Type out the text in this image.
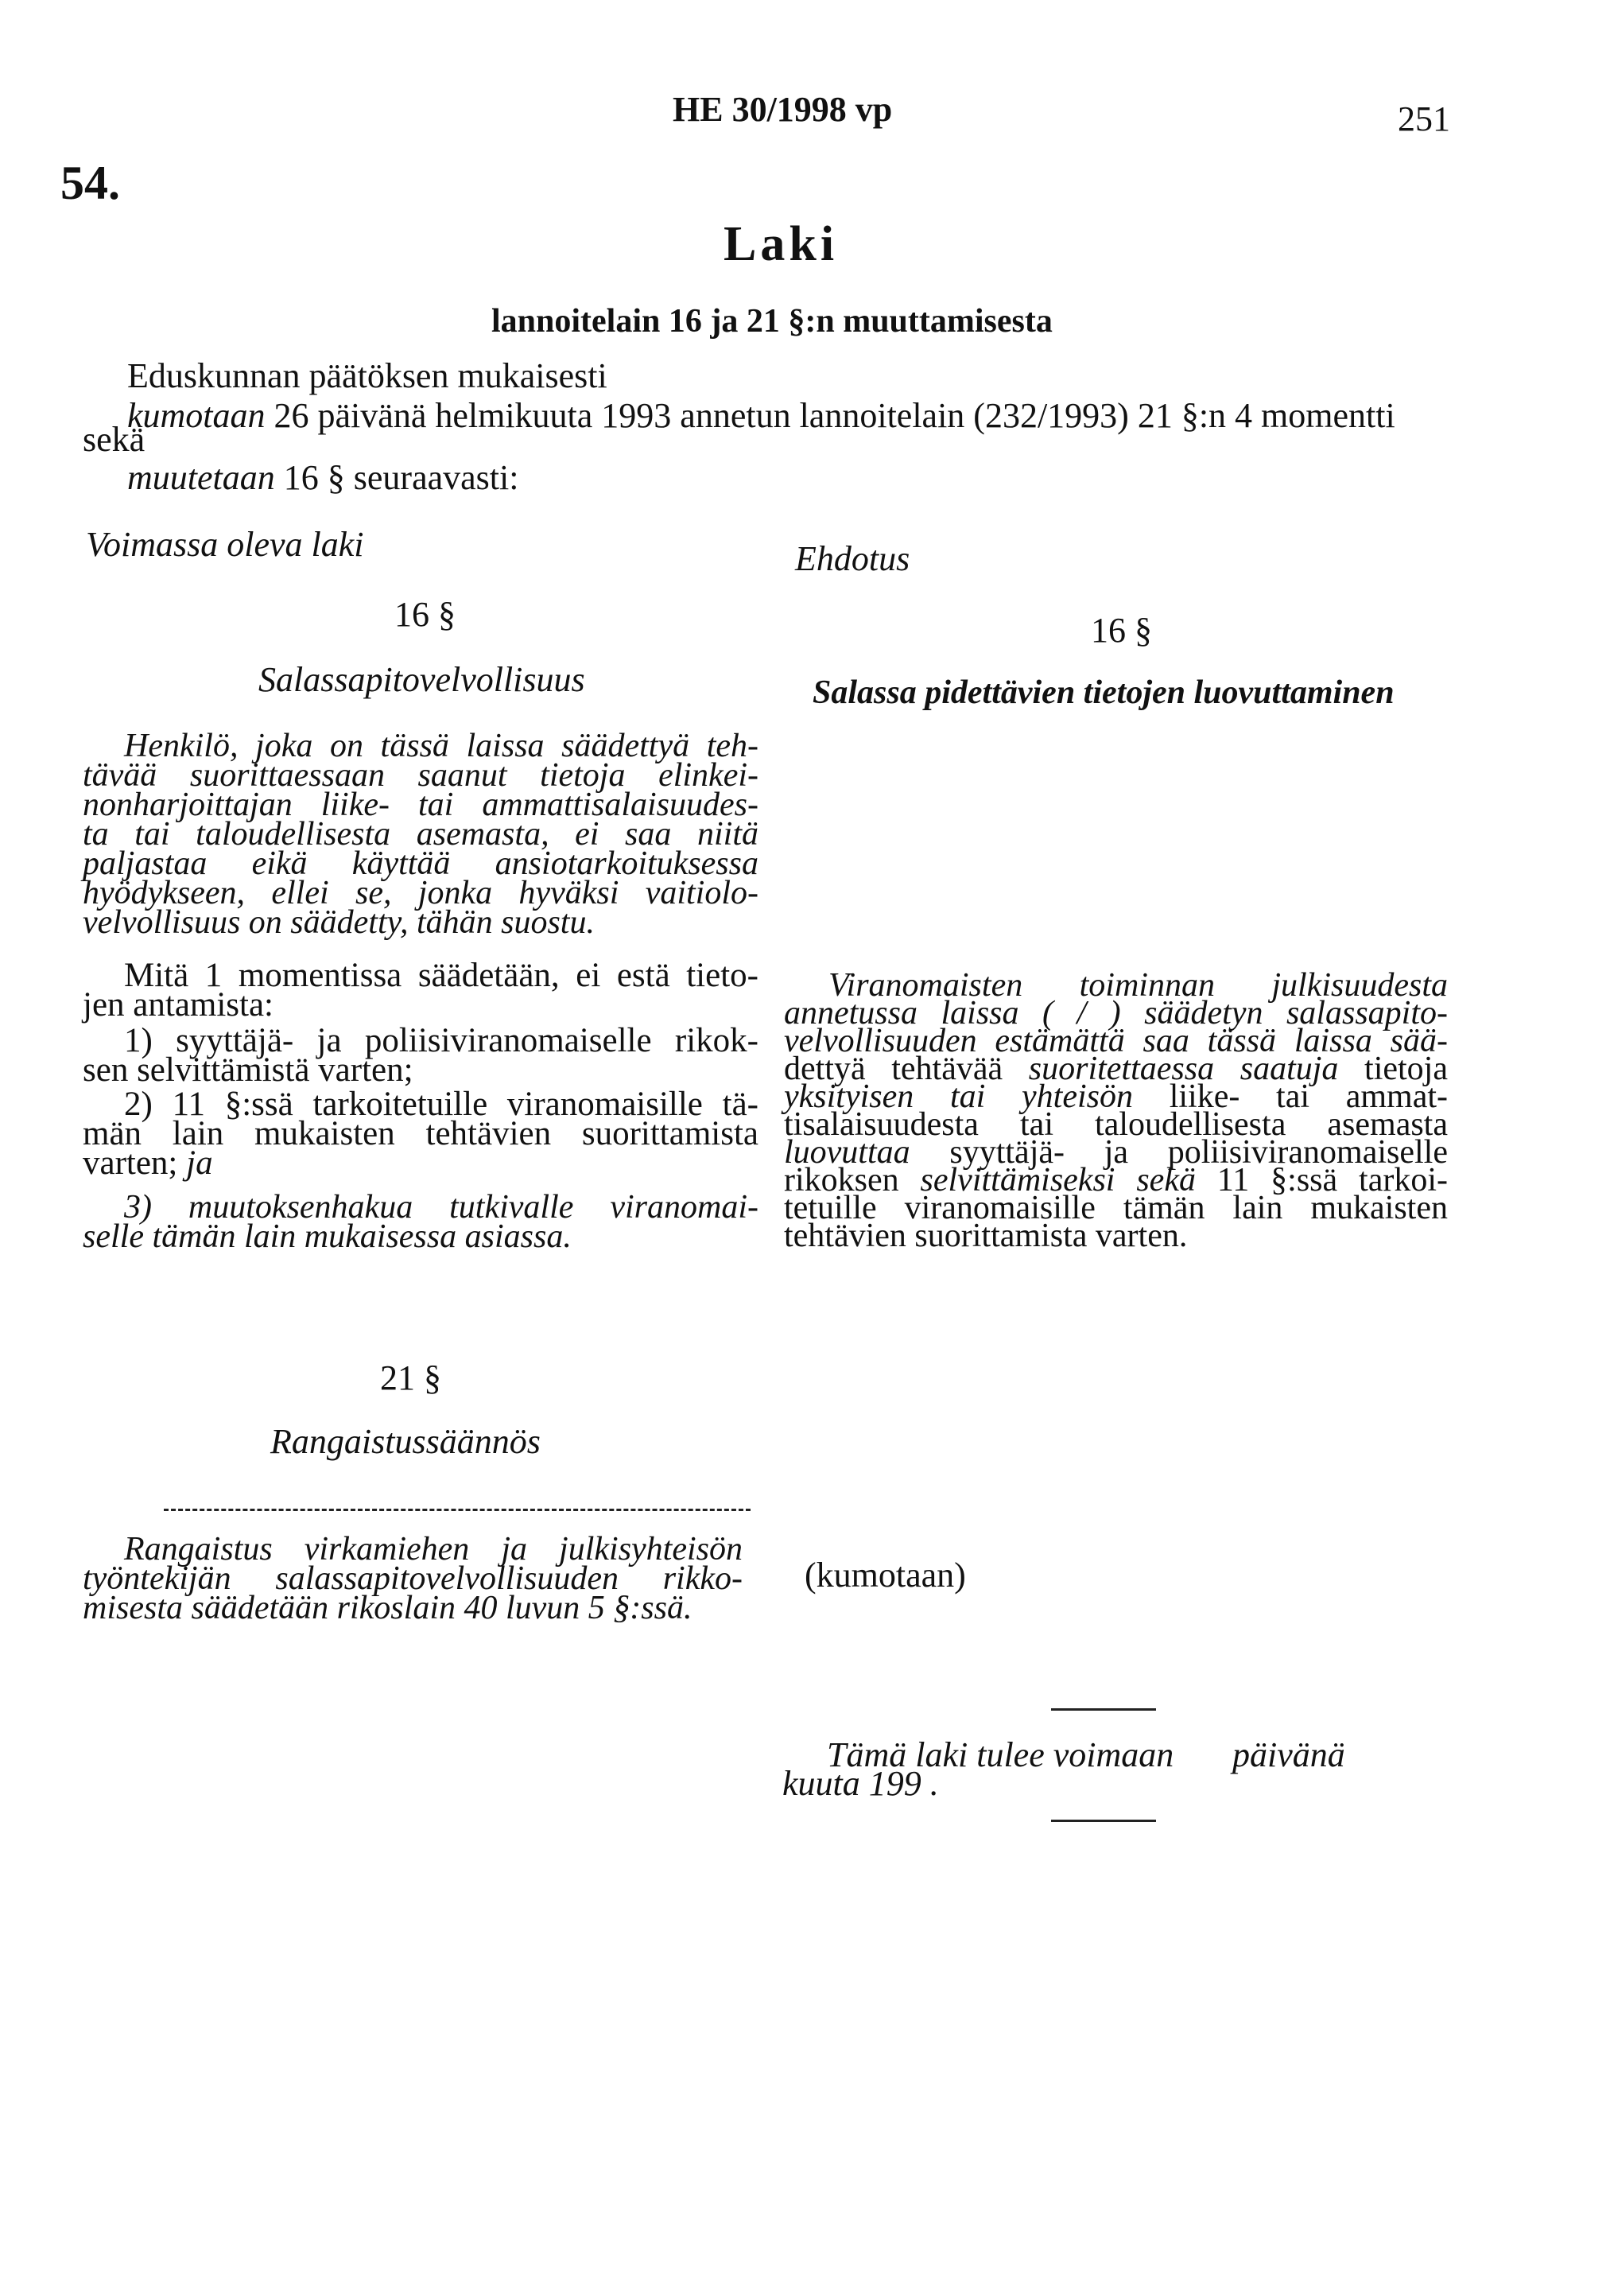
HE 30/1998 vp	251
54.
Laki
lannoitelain 16 ja 21 §:n muuttamisesta
Eduskunnan päätöksen mukaisesti
kumotaan 26 päivänä helmikuuta 1993 annetun lannoitelain (232/1993) 21 §:n 4 momentti
sekä
muutetaan 16 § seuraavasti:
Voimassa oleva laki	Ehdotus
16 §
Salassapitovelvollisuus
Henkilö, joka on tässä laissa säädettyä teh-
tävää suorittaessaan saanut tietoja elinkei-
nonharjoittajan liike- tai ammattisalaisuudes-
ta tai taloudellisesta asemasta, ei saa niitä
paljastaa eikä käyttää ansiotarkoituksessa
hyödykseen, ellei se, jonka hyväksi vaitiolo-
velvollisuus on säädetty, tähän suostu.
Mitä 1 momentissa säädetään, ei estä tieto-
jen antamista:
1) syyttäjä- ja poliisiviranomaiselle rikok-
sen selvittämistä varten;
2) 11 §:ssä tarkoitetuille viranomaisille tä-
män lain mukaisten tehtävien suorittamista
varten; ja
3) muutoksenhakua tutkivalle viranomai-
selle tämän lain mukaisessa asiassa.
21 §
Rangaistussäännös
Rangaistus virkamiehen ja julkisyhteisön
työntekijän salassapitovelvollisuuden rikko-
misesta säädetään rikoslain 40 luvun 5 §:ssä.
16 §
Salassa pidettävien tietojen luovuttaminen
Viranomaisten toiminnan julkisuudesta
annetussa laissa ( / ) säädetyn salassapito-
velvollisuuden estämättä saa tässä laissa sää-
dettyä tehtävää suoritettaessa saatuja tietoja
yksityisen tai yhteisön liike- tai ammat-
tisalaisuudesta tai taloudellisesta asemasta
luovuttaa syyttäjä- ja poliisiviranomaiselle
rikoksen selvittämiseksi sekä 11 §:ssä tarkoi-
tetuille viranomaisille tämän lain mukaisten
tehtävien suorittamista varten.
(kumotaan)
Tämä laki tulee voimaan päivänä
kuuta 199 .
